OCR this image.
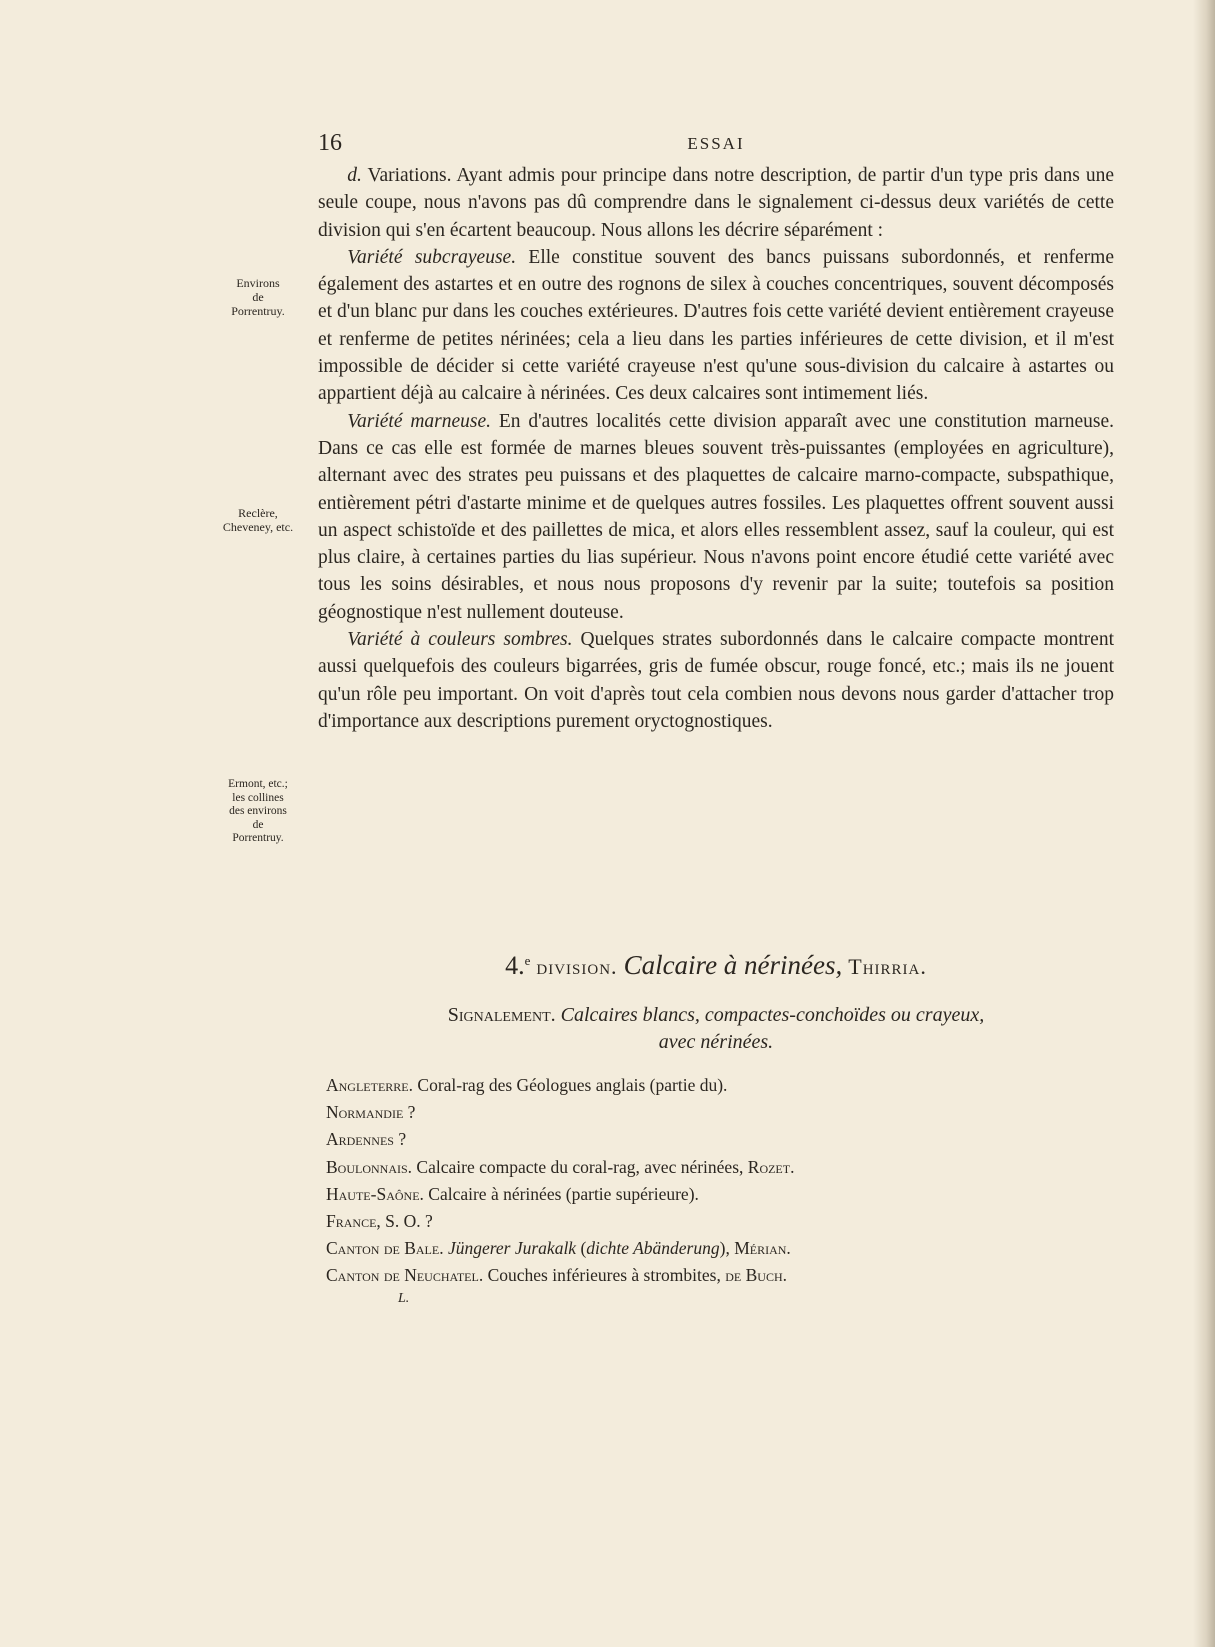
16	ESSAI
Environs
de
Porrentruy.
Reclère,
Cheveney, etc.
Ermont, etc.;
les collines
des environs
de
Porrentruy.

d. Variations. Ayant admis pour principe dans notre description, de partir d'un type pris dans une seule coupe, nous n'avons pas dû comprendre dans le signalement ci-dessus deux variétés de cette division qui s'en écartent beaucoup. Nous allons les décrire séparément :

Variété subcrayeuse. Elle constitue souvent des bancs puissans subordonnés, et renferme également des astartes et en outre des rognons de silex à couches concentriques, souvent décomposés et d'un blanc pur dans les couches extérieures. D'autres fois cette variété devient entièrement crayeuse et renferme de petites nérinées; cela a lieu dans les parties inférieures de cette division, et il m'est impossible de décider si cette variété crayeuse n'est qu'une sous-division du calcaire à astartes ou appartient déjà au calcaire à nérinées. Ces deux calcaires sont intimement liés.

Variété marneuse. En d'autres localités cette division apparaît avec une constitution marneuse. Dans ce cas elle est formée de marnes bleues souvent très-puissantes (employées en agriculture), alternant avec des strates peu puissans et des plaquettes de calcaire marno-compacte, subspathique, entièrement pétri d'astarte minime et de quelques autres fossiles. Les plaquettes offrent souvent aussi un aspect schistoïde et des paillettes de mica, et alors elles ressemblent assez, sauf la couleur, qui est plus claire, à certaines parties du lias supérieur. Nous n'avons point encore étudié cette variété avec tous les soins désirables, et nous nous proposons d'y revenir par la suite; toutefois sa position géognostique n'est nullement douteuse.

Variété à couleurs sombres. Quelques strates subordonnés dans le calcaire compacte montrent aussi quelquefois des couleurs bigarrées, gris de fumée obscur, rouge foncé, etc.; mais ils ne jouent qu'un rôle peu important. On voit d'après tout cela combien nous devons nous garder d'attacher trop d'importance aux descriptions purement oryctognostiques.

4.$^e$ division. Calcaire à nérinées, Thirria.
Signalement. Calcaires blancs, compactes-conchoïdes ou crayeux,
avec nérinées.
Angleterre. Coral-rag des Géologues anglais (partie du).
Normandie ?
Ardennes ?
Boulonnais. Calcaire compacte du coral-rag, avec nérinées, Rozet.
Haute-Saône. Calcaire à nérinées (partie supérieure).
France, S. O. ?
Canton de Bale. Jüngerer Jurakalk (dichte Abänderung), Mérian.
Canton de Neuchatel. Couches inférieures à strombites, de Buch.
L.
